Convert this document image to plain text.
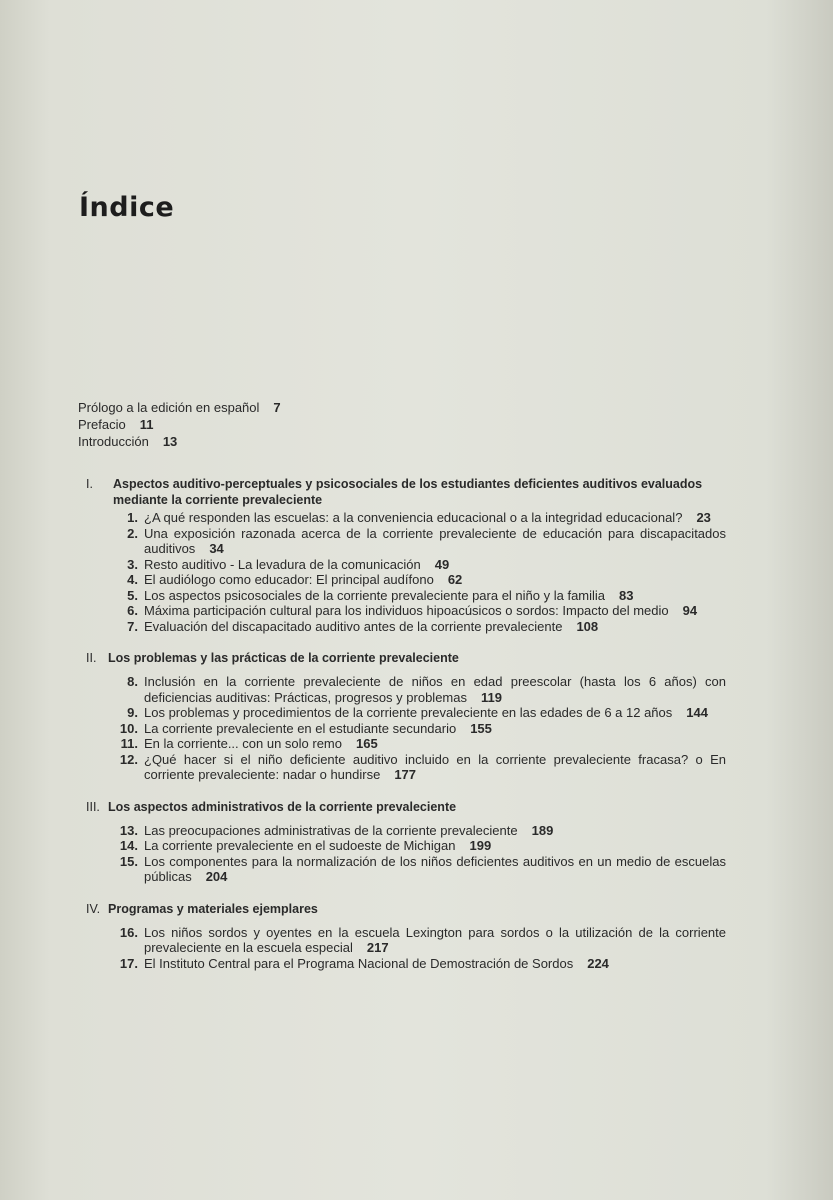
Índice
Prólogo a la edición en español 7
Prefacio 11
Introducción 13
I.	Aspectos auditivo-perceptuales y psicosociales de los estudiantes deficientes auditivos evaluados mediante la corriente prevaleciente
1. ¿A qué responden las escuelas: a la conveniencia educacional o a la integridad educacional? 23
2. Una exposición razonada acerca de la corriente prevaleciente de educación para discapacitados auditivos 34
3. Resto auditivo - La levadura de la comunicación 49
4. El audiólogo como educador: El principal audífono 62
5. Los aspectos psicosociales de la corriente prevaleciente para el niño y la familia 83
6. Máxima participación cultural para los individuos hipoacúsicos o sordos: Impacto del medio 94
7. Evaluación del discapacitado auditivo antes de la corriente prevaleciente 108
II. Los problemas y las prácticas de la corriente prevaleciente
8. Inclusión en la corriente prevaleciente de niños en edad preescolar (hasta los 6 años) con deficiencias auditivas: Prácticas, progresos y problemas 119
9. Los problemas y procedimientos de la corriente prevaleciente en las edades de 6 a 12 años 144
10. La corriente prevaleciente en el estudiante secundario 155
11. En la corriente... con un solo remo 165
12. ¿Qué hacer si el niño deficiente auditivo incluido en la corriente prevaleciente fracasa? o En corriente prevaleciente: nadar o hundirse 177
III. Los aspectos administrativos de la corriente prevaleciente
13. Las preocupaciones administrativas de la corriente prevaleciente 189
14. La corriente prevaleciente en el sudoeste de Michigan 199
15. Los componentes para la normalización de los niños deficientes auditivos en un medio de escuelas públicas 204
IV. Programas y materiales ejemplares
16. Los niños sordos y oyentes en la escuela Lexington para sordos o la utilización de la corriente prevaleciente en la escuela especial 217
17. El Instituto Central para el Programa Nacional de Demostración de Sordos 224
